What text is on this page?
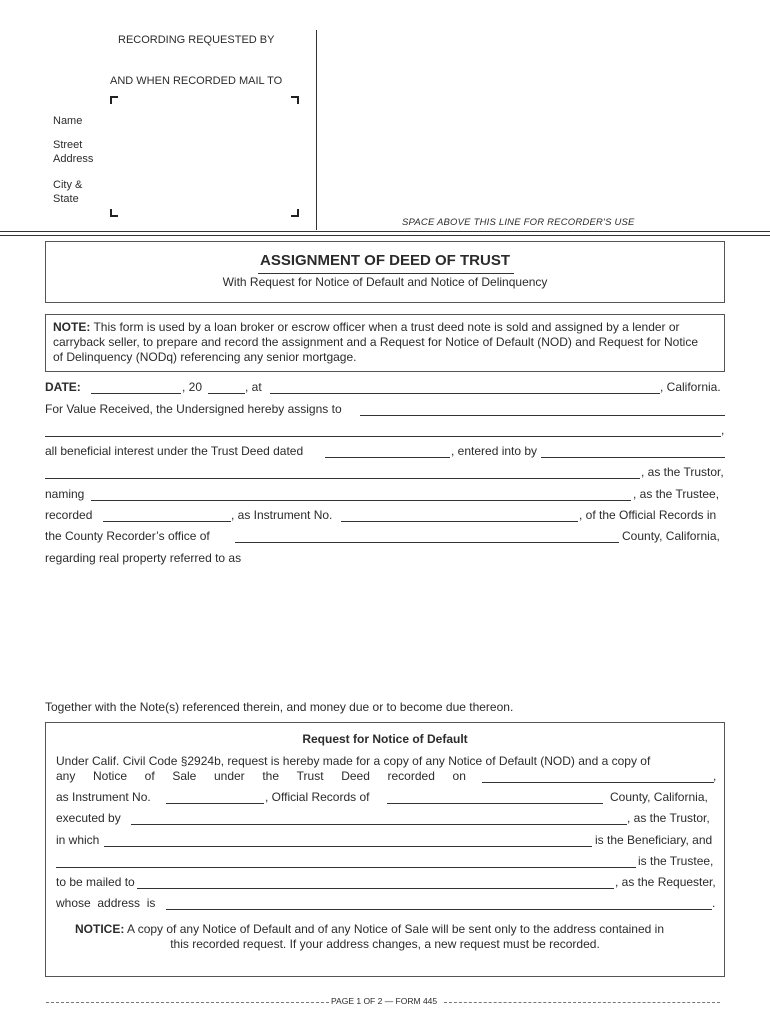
RECORDING REQUESTED BY
AND WHEN RECORDED MAIL TO
Name
Street
Address
City &
State
SPACE ABOVE THIS LINE FOR RECORDER'S USE
ASSIGNMENT OF DEED OF TRUST
With Request for Notice of Default and Notice of Delinquency
NOTE: This form is used by a loan broker or escrow officer when a trust deed note is sold and assigned by a lender or
carryback seller, to prepare and record the assignment and a Request for Notice of Default (NOD) and Request for Notice
of Delinquency (NODq) referencing any senior mortgage.
DATE:	, 20	, at	, California.
For Value Received, the Undersigned hereby assigns to
,
all beneficial interest under the Trust Deed dated	, entered into by
, as the Trustor,
naming	, as the Trustee,
recorded	, as Instrument No.	, of the Official Records in
the County Recorder’s office of	County, California,
regarding real property referred to as
Together with the Note(s) referenced therein, and money due or to become due thereon.
Request for Notice of Default
Under Calif. Civil Code §2924b, request is hereby made for a copy of any Notice of Default (NOD) and a copy of
any Notice of Sale under the Trust Deed recorded on	,
as Instrument No.	, Official Records of	County, California,
executed by	, as the Trustor,
in which	is the Beneficiary, and
is the Trustee,
to be mailed to	, as the Requester,
whose  address  is	.
NOTICE: A copy of any Notice of Default and of any Notice of Sale will be sent only to the address contained in
this recorded request. If your address changes, a new request must be recorded.
PAGE 1 OF 2 — FORM 445
